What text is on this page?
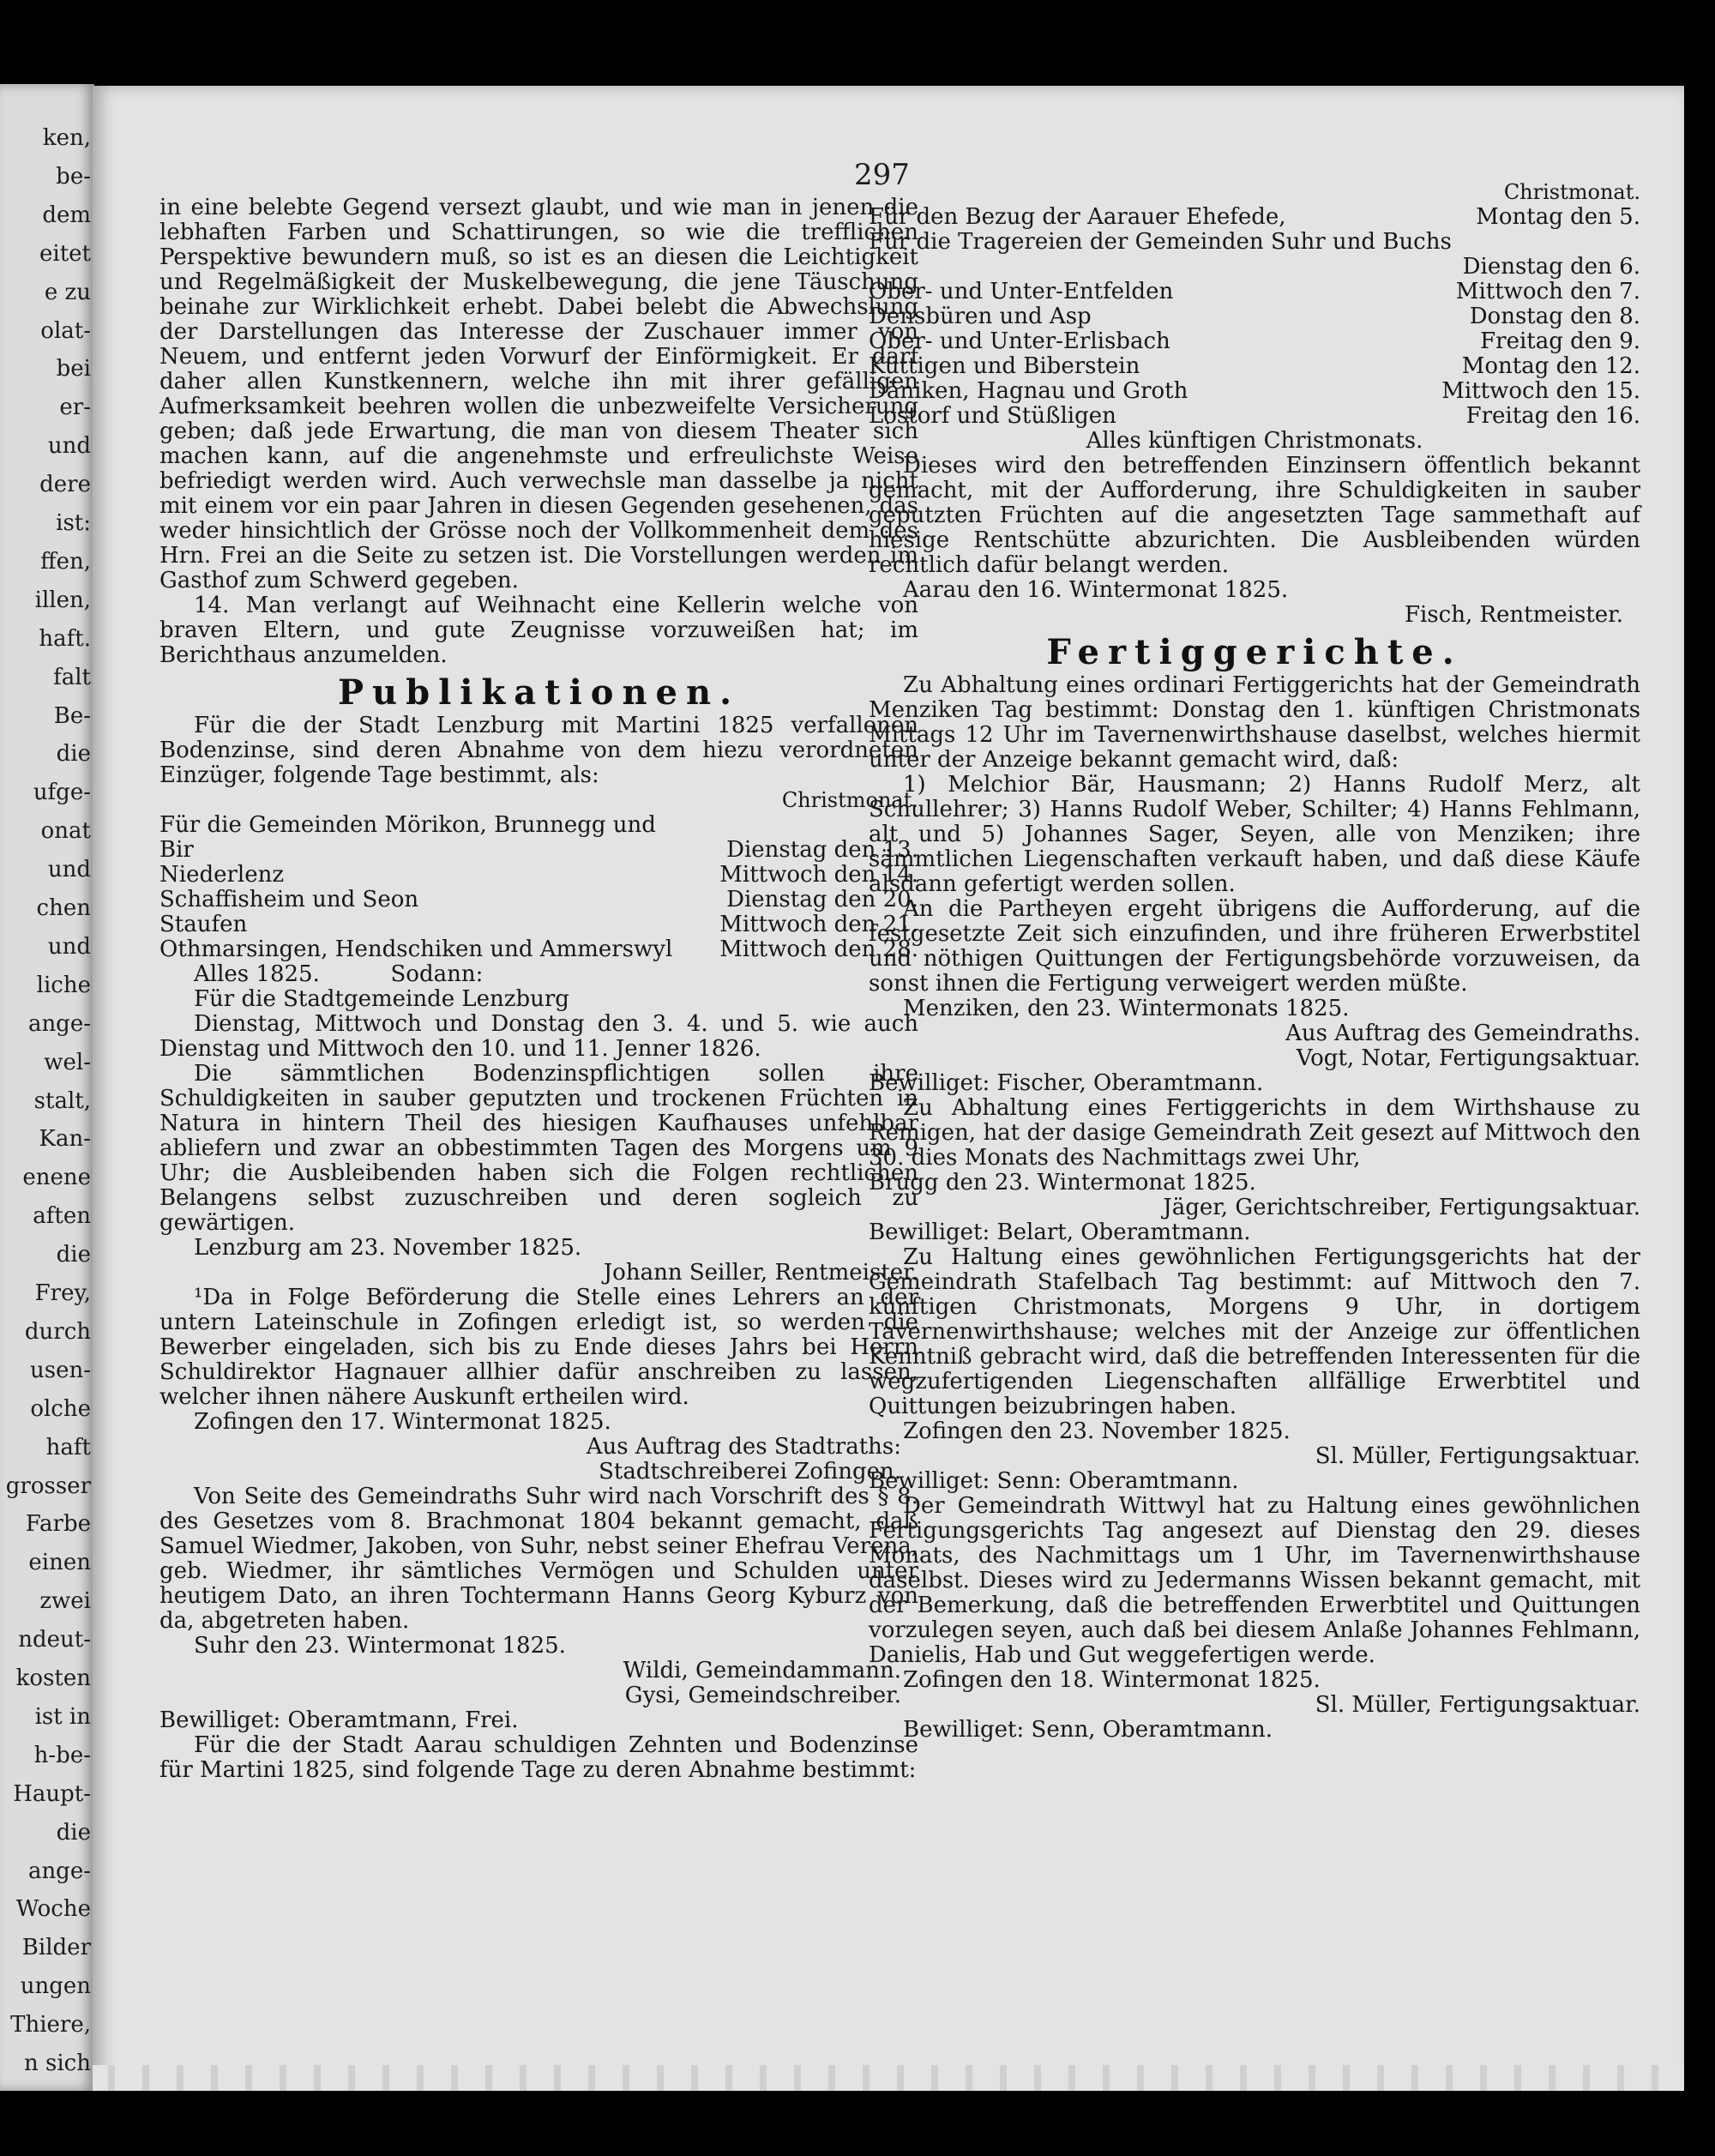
ken,
be-
dem
eitet
e zu
olat-
bei
er-
und
dere
ist:
ffen,
illen,
haft.
falt
Be-
die
ufge-
onat
und
chen
und
liche
ange-
wel-
stalt,
Kan-
enene
aften
die
Frey,
durch
usen-
olche
haft
grosser
Farbe
einen
zwei
ndeut-
kosten
ist in
h-be-
Haupt-
die
ange-
Woche
Bilder
ungen
Thiere,
n sich
297

in eine belebte Gegend versezt glaubt, und wie man in jenen die lebhaften Farben und Schattirungen, so wie die trefflichen Perspektive bewundern muß, so ist es an diesen die Leichtigkeit und Regelmäßigkeit der Muskelbewegung, die jene Täuschung beinahe zur Wirklichkeit erhebt. Dabei belebt die Abwechslung der Darstellungen das Interesse der Zuschauer immer von Neuem, und entfernt jeden Vorwurf der Einförmigkeit. Er darf daher allen Kunstkennern, welche ihn mit ihrer gefälligen Aufmerksamkeit beehren wollen die unbezweifelte Versicherung geben; daß jede Erwartung, die man von diesem Theater sich machen kann, auf die angenehmste und erfreulichste Weise befriedigt werden wird. Auch verwechsle man dasselbe ja nicht mit einem vor ein paar Jahren in diesen Gegenden gesehenen, das weder hinsichtlich der Grösse noch der Vollkommenheit dem des Hrn. Frei an die Seite zu setzen ist. Die Vorstellungen werden im Gasthof zum Schwerd gegeben.

14. Man verlangt auf Weihnacht eine Kellerin welche von braven Eltern, und gute Zeugnisse vorzuweißen hat; im Berichthaus anzumelden.

Publikationen.

Für die der Stadt Lenzburg mit Martini 1825 verfallenen Bodenzinse, sind deren Abnahme von dem hiezu verordneten Einzüger, folgende Tage bestimmt, als:

Christmonat.
Für die Gemeinden Mörikon, Brunnegg und
Bir	Dienstag den 13.
Niederlenz	Mittwoch den 14.
Schaffisheim und Seon	Dienstag den 20.
Staufen	Mittwoch den 21.
Othmarsingen, Hendschiken und Ammerswyl	Mittwoch den 28.

Alles 1825.          Sodann:

Für die Stadtgemeinde Lenzburg

Dienstag, Mittwoch und Donstag den 3. 4. und 5. wie auch Dienstag und Mittwoch den 10. und 11. Jenner 1826.

Die sämmtlichen Bodenzinspflichtigen sollen ihre Schuldigkeiten in sauber geputzten und trockenen Früchten in Natura in hintern Theil des hiesigen Kaufhauses unfehlbar abliefern und zwar an obbestimmten Tagen des Morgens um 9 Uhr; die Ausbleibenden haben sich die Folgen rechtlichen Belangens selbst zuzuschreiben und deren sogleich zu gewärtigen.

Lenzburg am 23. November 1825.

Johann Seiller, Rentmeister.

¹Da in Folge Beförderung die Stelle eines Lehrers an der untern Lateinschule in Zofingen erledigt ist, so werden die Bewerber eingeladen, sich bis zu Ende dieses Jahrs bei Herrn Schuldirektor Hagnauer allhier dafür anschreiben zu lassen, welcher ihnen nähere Auskunft ertheilen wird.

Zofingen den 17. Wintermonat 1825.

Aus Auftrag des Stadtraths:

Stadtschreiberei Zofingen.

Von Seite des Gemeindraths Suhr wird nach Vorschrift des § 8. des Gesetzes vom 8. Brachmonat 1804 bekannt gemacht, daß Samuel Wiedmer, Jakoben, von Suhr, nebst seiner Ehefrau Verena, geb. Wiedmer, ihr sämtliches Vermögen und Schulden unter heutigem Dato, an ihren Tochtermann Hanns Georg Kyburz von da, abgetreten haben.

Suhr den 23. Wintermonat 1825.

Wildi, Gemeindammann.

Gysi, Gemeindschreiber.

Bewilliget: Oberamtmann, Frei.

Für die der Stadt Aarau schuldigen Zehnten und Bodenzinse für Martini 1825, sind folgende Tage zu deren Abnahme bestimmt:

Christmonat.
Für den Bezug der Aarauer Ehefede,	Montag den 5.
Für die Tragereien der Gemeinden Suhr und Buchs
Dienstag den 6.
Ober- und Unter-Entfelden	Mittwoch den 7.
Densbüren und Asp	Donstag den 8.
Ober- und Unter-Erlisbach	Freitag den 9.
Küttigen und Biberstein	Montag den 12.
Däniken, Hagnau und Groth	Mittwoch den 15.
Lostorf und Stüßligen	Freitag den 16.

Alles künftigen Christmonats.

Dieses wird den betreffenden Einzinsern öffentlich bekannt gemacht, mit der Aufforderung, ihre Schuldigkeiten in sauber geputzten Früchten auf die angesetzten Tage sammethaft auf hiesige Rentschütte abzurichten. Die Ausbleibenden würden rechtlich dafür belangt werden.

Aarau den 16. Wintermonat 1825.

Fisch, Rentmeister.

Fertiggerichte.

Zu Abhaltung eines ordinari Fertiggerichts hat der Gemeindrath Menziken Tag bestimmt: Donstag den 1. künftigen Christmonats Mittags 12 Uhr im Tavernenwirthshause daselbst, welches hiermit unter der Anzeige bekannt gemacht wird, daß:

1) Melchior Bär, Hausmann; 2) Hanns Rudolf Merz, alt Schullehrer; 3) Hanns Rudolf Weber, Schilter; 4) Hanns Fehlmann, alt und 5) Johannes Sager, Seyen, alle von Menziken; ihre sämmtlichen Liegenschaften verkauft haben, und daß diese Käufe alsdann gefertigt werden sollen.

An die Partheyen ergeht übrigens die Aufforderung, auf die festgesetzte Zeit sich einzufinden, und ihre früheren Erwerbstitel und nöthigen Quittungen der Fertigungsbehörde vorzuweisen, da sonst ihnen die Fertigung verweigert werden müßte.

Menziken, den 23. Wintermonats 1825.

Aus Auftrag des Gemeindraths.

Vogt, Notar, Fertigungsaktuar.

Bewilliget: Fischer, Oberamtmann.

Zu Abhaltung eines Fertiggerichts in dem Wirthshause zu Remigen, hat der dasige Gemeindrath Zeit gesezt auf Mittwoch den 30. dies Monats des Nachmittags zwei Uhr,

Brugg den 23. Wintermonat 1825.

Jäger, Gerichtschreiber, Fertigungsaktuar.

Bewilliget: Belart, Oberamtmann.

Zu Haltung eines gewöhnlichen Fertigungsgerichts hat der Gemeindrath Stafelbach Tag bestimmt: auf Mittwoch den 7. künftigen Christmonats, Morgens 9 Uhr, in dortigem Tavernenwirthshause; welches mit der Anzeige zur öffentlichen Kenntniß gebracht wird, daß die betreffenden Interessenten für die wegzufertigenden Liegenschaften allfällige Erwerbtitel und Quittungen beizubringen haben.

Zofingen den 23. November 1825.

Sl. Müller, Fertigungsaktuar.

Bewilliget: Senn: Oberamtmann.

Der Gemeindrath Wittwyl hat zu Haltung eines gewöhnlichen Fertigungsgerichts Tag angesezt auf Dienstag den 29. dieses Monats, des Nachmittags um 1 Uhr, im Tavernenwirthshause daselbst. Dieses wird zu Jedermanns Wissen bekannt gemacht, mit der Bemerkung, daß die betreffenden Erwerbtitel und Quittungen vorzulegen seyen, auch daß bei diesem Anlaße Johannes Fehlmann, Danielis, Hab und Gut weggefertigen werde.

Zofingen den 18. Wintermonat 1825.

Sl. Müller, Fertigungsaktuar.

Bewilliget: Senn, Oberamtmann.
